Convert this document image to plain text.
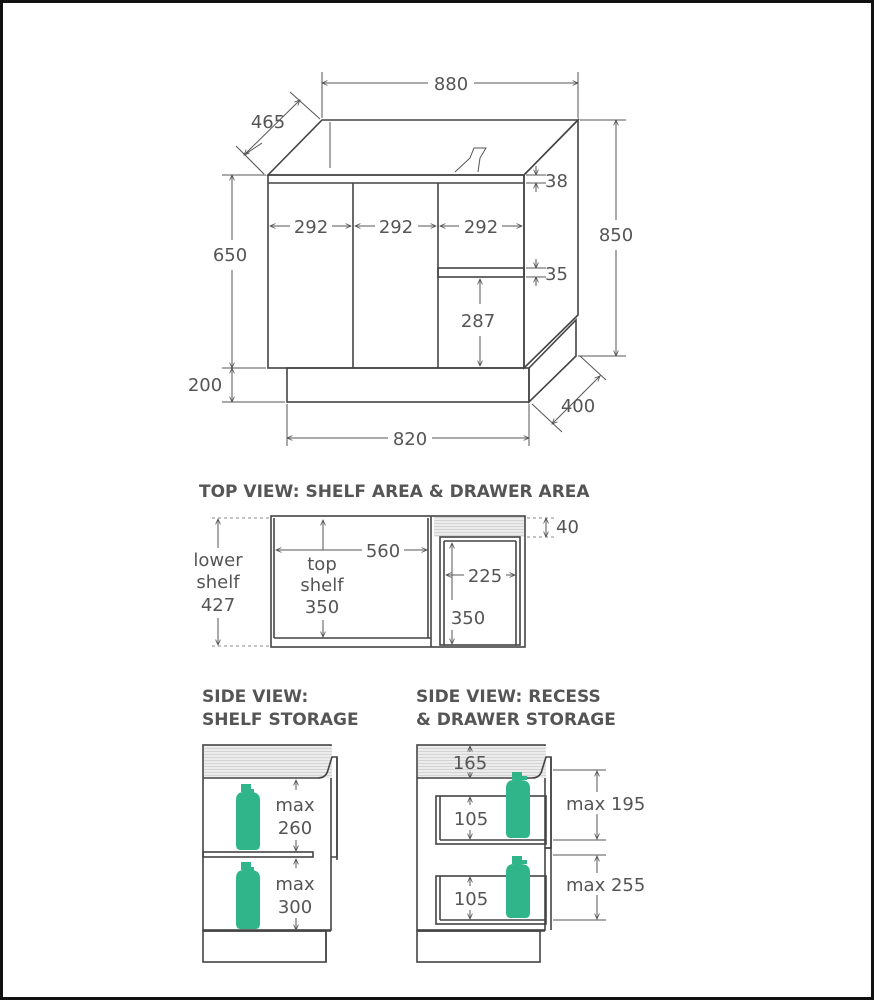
880
465
850
650
200
820
400
292	292	292
38
35
287
TOP VIEW: SHELF AREA & DRAWER AREA
lower
shelf
427
top
shelf
350
560
40
225
350
SIDE VIEW:
SHELF STORAGE
max
260
max
300
SIDE VIEW: RECESS
& DRAWER STORAGE
165
105
105
max 195
max 255
